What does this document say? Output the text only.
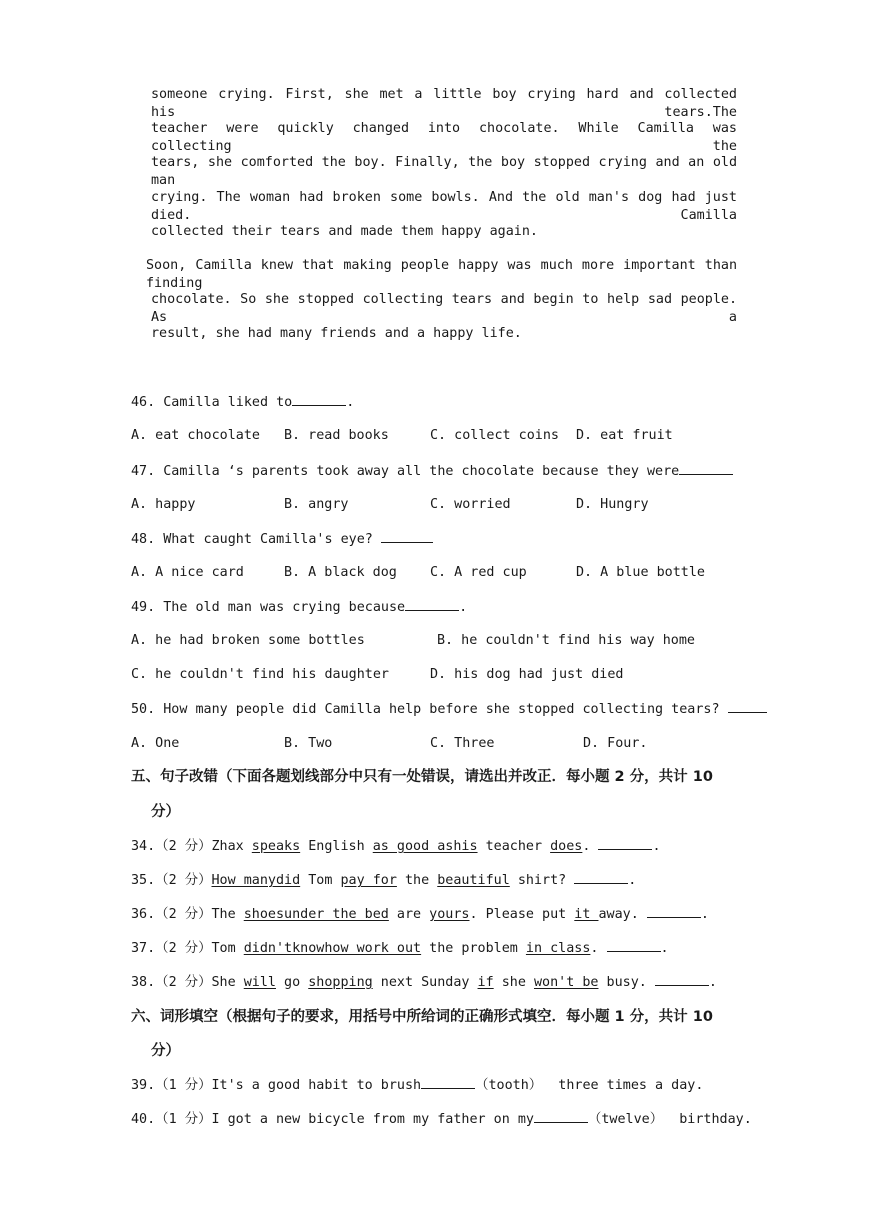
someone crying. First, she met a little boy crying hard and collected his tears.The
teacher were quickly changed into chocolate. While Camilla was collecting the
tears, she comforted the boy. Finally, the boy stopped crying and an old man
crying. The woman had broken some bowls. And the old man's dog had just died. Camilla
collected their tears and made them happy again.
Soon, Camilla knew that making people happy was much more important than finding
chocolate. So she stopped collecting tears and begin to help sad people. As a
result, she had many friends and a happy life.
46. Camilla liked to	.
A. eat chocolate B. read books	C. collect coins D. eat fruit
47. Camilla ‘s parents took away all the chocolate because they were
A. happy	B. angry	C. worried	D. Hungry
48. What caught Camilla's eye?
A. A nice card	B. A black dog C. A red cup	D. A blue bottle
49. The old man was crying because	.
A. he had broken some bottles	B. he couldn't find his way home
C. he couldn't find his daughter	D. his dog had just died
50. How many people did Camilla help before she stopped collecting tears?
A. One	B. Two	C. Three	D. Four.
五、句子改错（下面各题划线部分中只有一处错误，请选出并改正．每小题 2 分，共计 10
分）
34.（2 分）Zhax speaks English as good ashis teacher does.	.
35.（2 分）How manydid Tom pay for the beautiful shirt?	.
36.（2 分）The shoesunder the bed are yours. Please put it away.	.
37.（2 分）Tom didn'tknowhow work out the problem in class.	.
38.（2 分）She will go shopping next Sunday if she won't be busy.	.
六、词形填空（根据句子的要求，用括号中所给词的正确形式填空．每小题 1 分，共计 10
分）
39.（1 分）It's a good habit to brush	（tooth）  three times a day.
40.（1 分）I got a new bicycle from my father on my	（twelve）  birthday.
